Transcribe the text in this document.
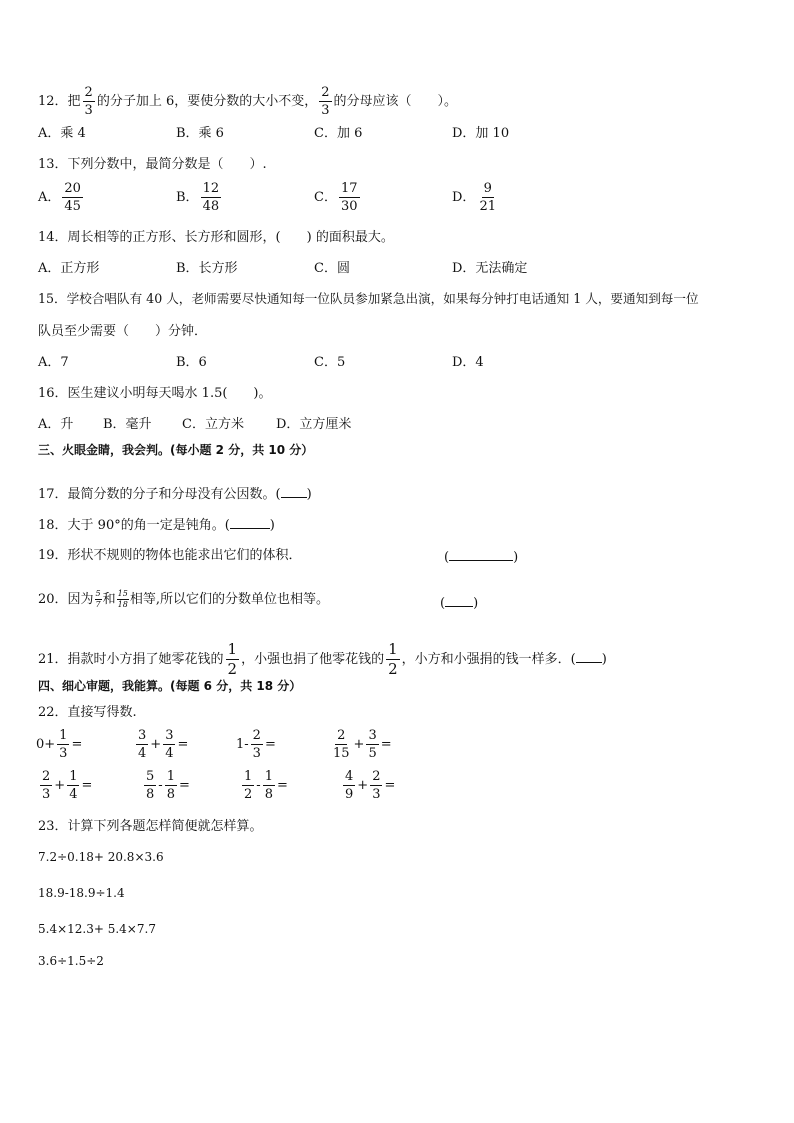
12．把 $\frac{2}{3}$ 的分子加上 6，要使分数的大小不变， $\frac{2}{3}$ 的分母应该（　　）。
A．乘 4	B．乘 6	C．加 6	D．加 10
13．下列分数中，最简分数是（　　）.
A． $\frac{20}{45}$	B． $\frac{12}{48}$	C． $\frac{17}{30}$	D． $\frac{9}{21}$
14．周长相等的正方形、长方形和圆形，(　　) 的面积最大。
A．正方形	B．长方形	C．圆	D．无法确定
15．学校合唱队有 40 人，老师需要尽快通知每一位队员参加紧急出演，如果每分钟打电话通知 1 人，要通知到每一位
队员至少需要（　　）分钟．
A．7	B．6	C．5	D．4
16．医生建议小明每天喝水 1.5(　　)。
A．升 B．毫升 C．立方米 D．立方厘米
三、火眼金睛，我会判。(每小题 2 分，共 10 分）
17．最简分数的分子和分母没有公因数。( )
18．大于 90°的角一定是钝角。(	)
19．形状不规则的物体也能求出它们的体积．	(	)
20．因为 $\frac{5}{7}$ 和 $\frac{15}{18}$ 相等,所以它们的分数单位也相等。	( )
21．捐款时小方捐了她零花钱的 $\frac{1}{2}$ ，小强也捐了他零花钱的 $\frac{1}{2}$ ，小方和小强捐的钱一样多．( )
四、细心审题，我能算。(每题 6 分，共 18 分）
22．直接写得数.
$0+ \frac{1}{3}$ =	$\frac{3}{4} + \frac{3}{4}$ =	$1- \frac{2}{3}$ =	$\frac{2}{15} + \frac{3}{5}$ =
$\frac{2}{3} + \frac{1}{4}$ =	$\frac{5}{8} - \frac{1}{8}$ =	$\frac{1}{2} - \frac{1}{8}$ =	$\frac{4}{9} + \frac{2}{3}$ =
23．计算下列各题怎样简便就怎样算。
7.2÷0.18+ 20.8×3.6
18.9-18.9÷1.4
5.4×12.3+ 5.4×7.7
3.6÷1.5÷2
